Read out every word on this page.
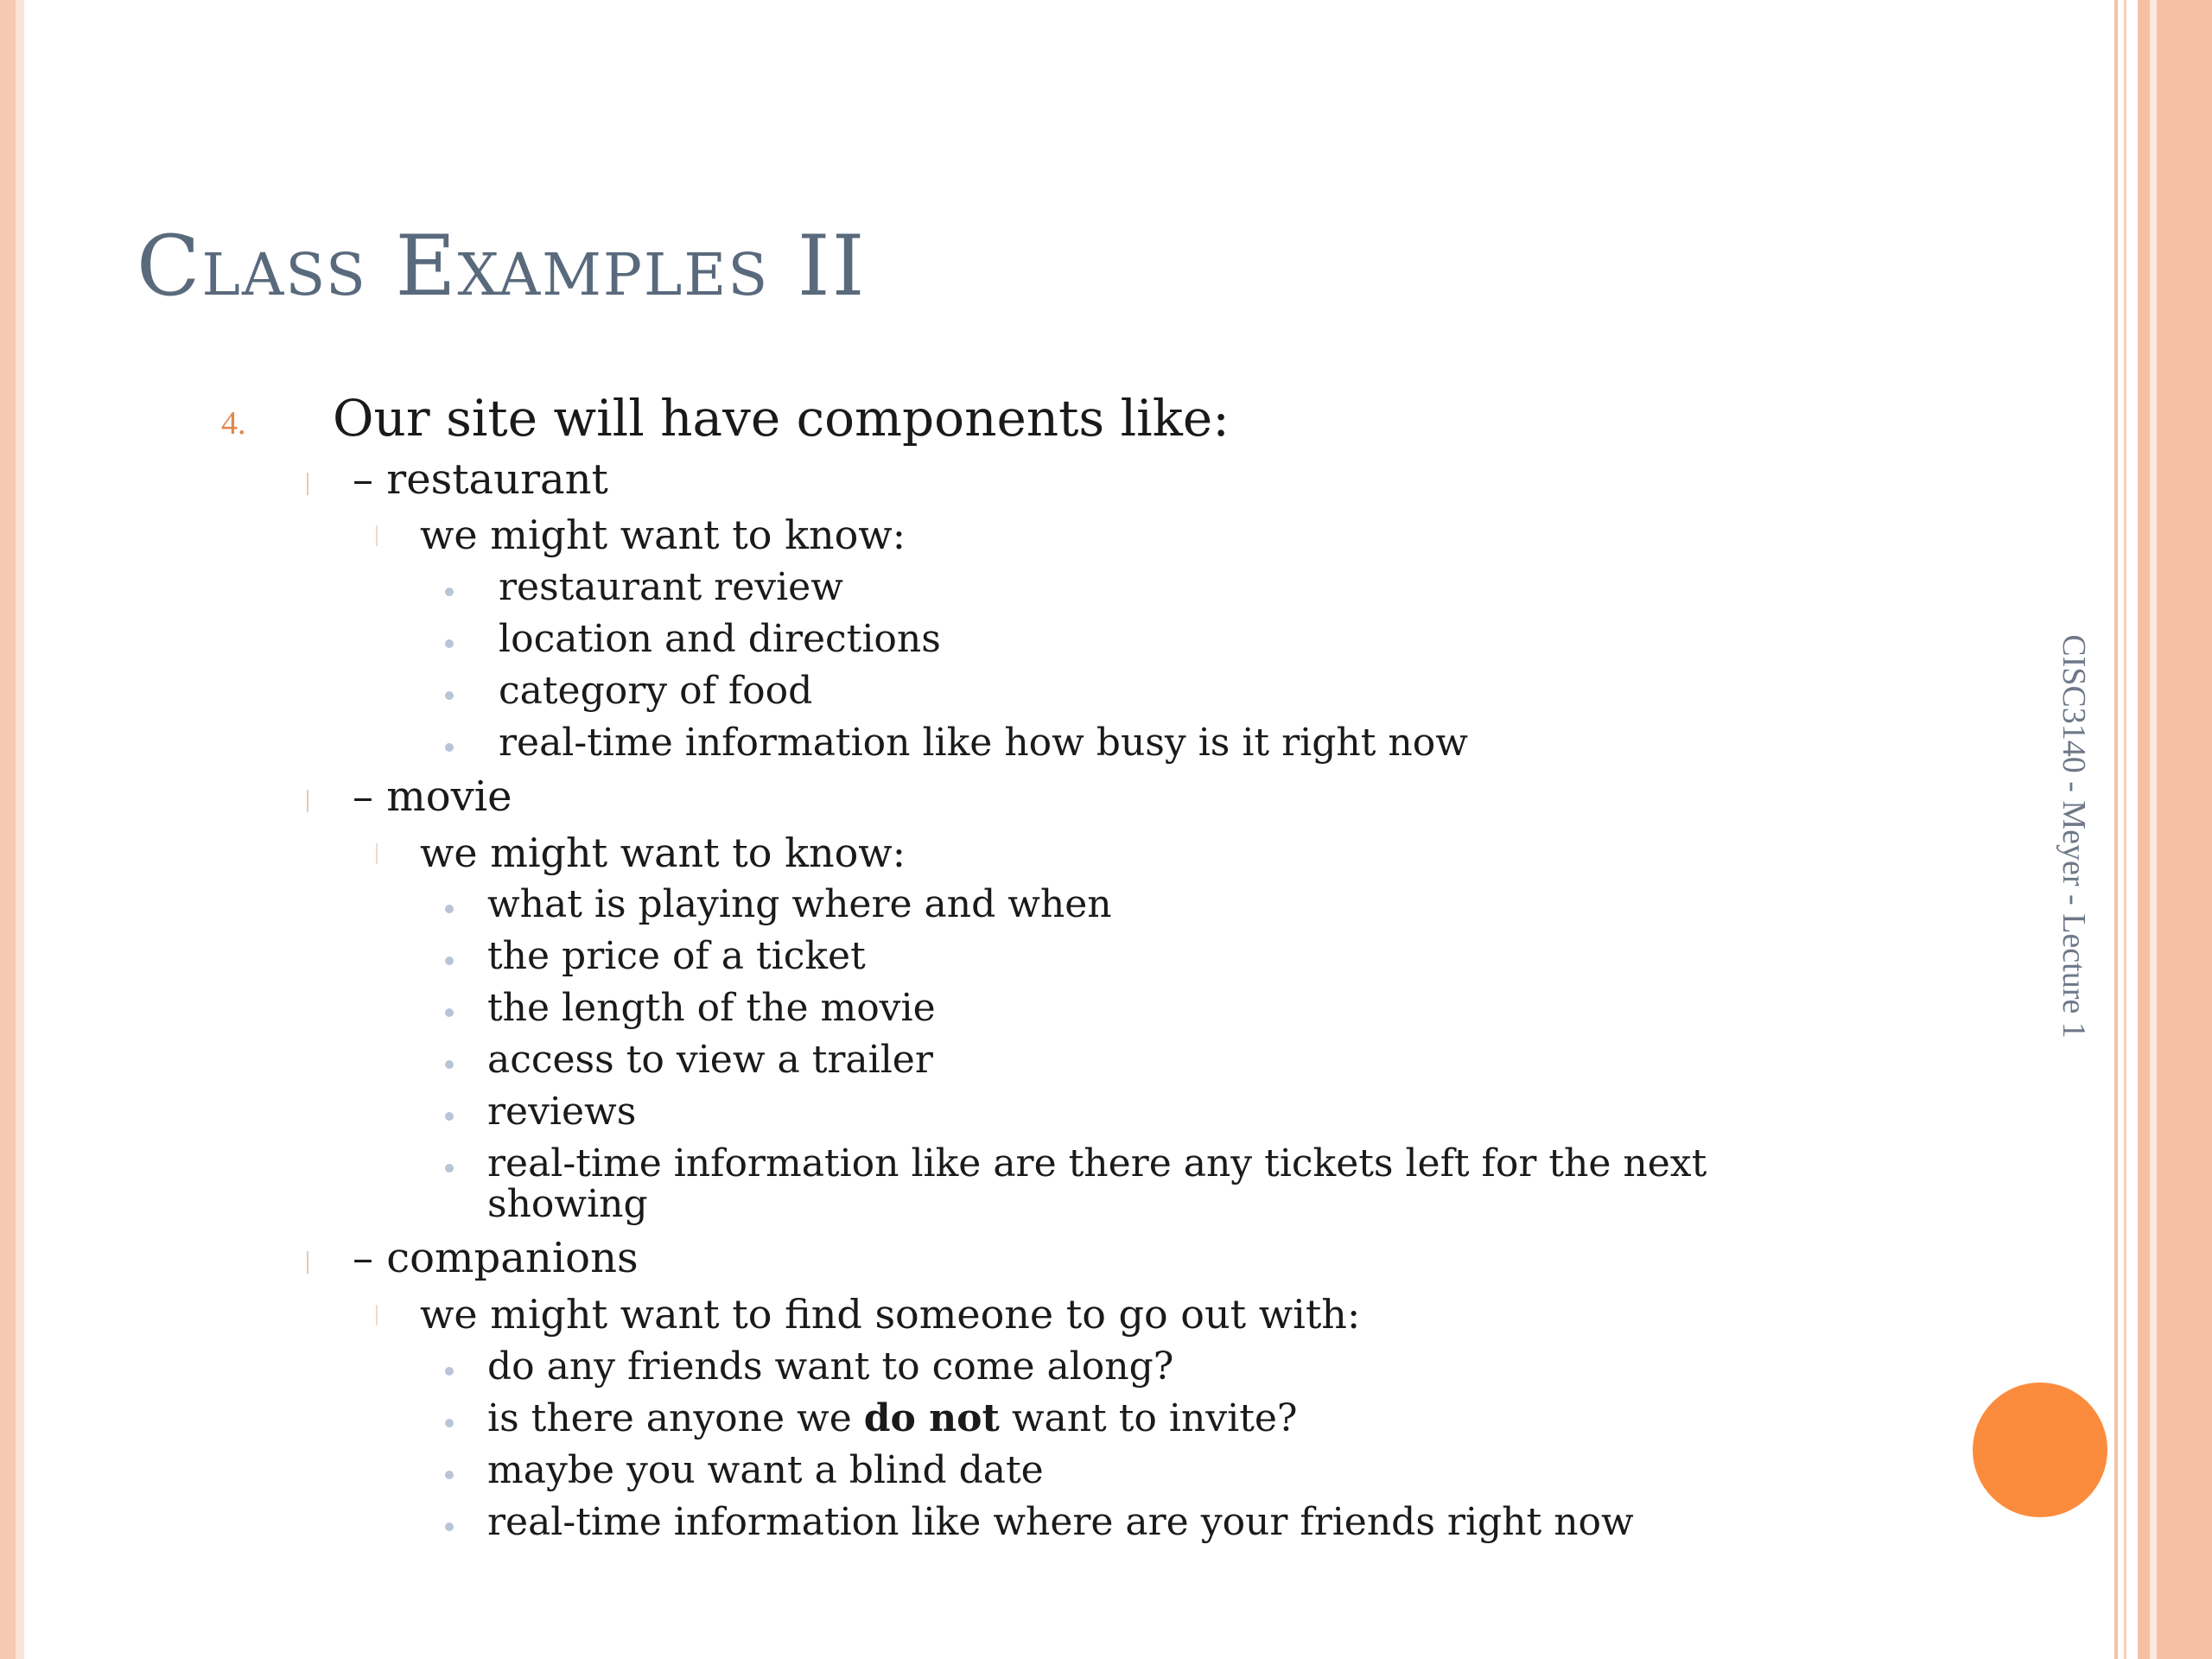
Class Examples II
4. Our site will have components like:
– restaurant
we might want to know:
restaurant review
location and directions
category of food
real-time information like how busy is it right now
– movie
we might want to know:
what is playing where and when
the price of a ticket
the length of the movie
access to view a trailer
reviews
real-time information like are there any tickets left for the next
showing
– companions
we might want to find someone to go out with:
do any friends want to come along?
is there anyone we do not want to invite?
maybe you want a blind date
real-time information like where are your friends right now
CISC3140 - Meyer - Lecture 1
